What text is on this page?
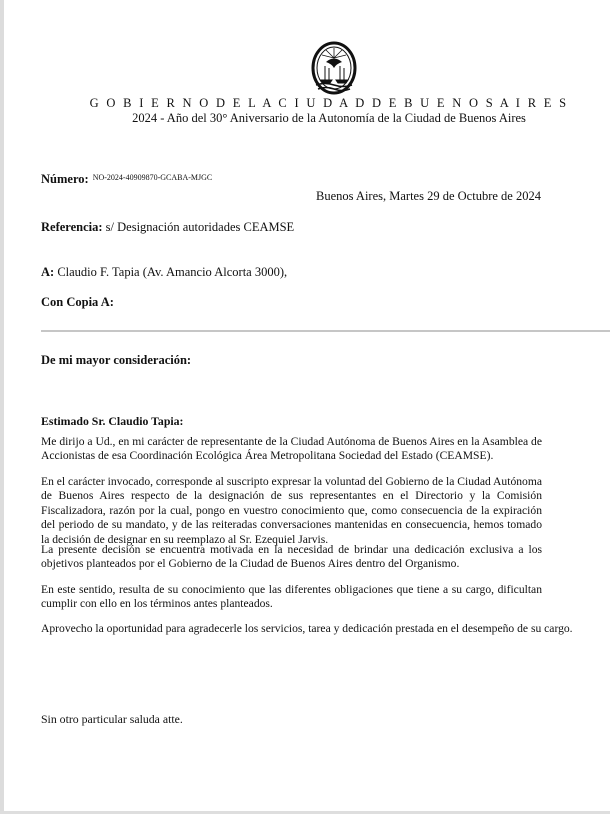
G O B I E R N O D E L A C I U D A D D E B U E N O S A I R E S
2024 - Año del 30° Aniversario de la Autonomía de la Ciudad de Buenos Aires
Número: $^{NO-2024-40909870-GCABA-MJGC}$
Buenos Aires, Martes 29 de Octubre de 2024
Referencia: s/ Designación autoridades CEAMSE
A: Claudio F. Tapia (Av. Amancio Alcorta 3000),
Con Copia A:
De mi mayor consideración:
Estimado Sr. Claudio Tapia:
Me dirijo a Ud., en mi carácter de representante de la Ciudad Autónoma de Buenos Aires en la Asamblea de Accionistas de esa Coordinación Ecológica Área Metropolitana Sociedad del Estado (CEAMSE).
En el carácter invocado, corresponde al suscripto expresar la voluntad del Gobierno de la Ciudad Autónoma de Buenos Aires respecto de la designación de sus representantes en el Directorio y la Comisión Fiscalizadora, razón por la cual, pongo en vuestro conocimiento que, como consecuencia de la expiración del periodo de su mandato, y de las reiteradas conversaciones mantenidas en consecuencia, hemos tomado la decisión de designar en su reemplazo al Sr. Ezequiel Jarvis.
La presente decisión se encuentra motivada en la necesidad de brindar una dedicación exclusiva a los objetivos planteados por el Gobierno de la Ciudad de Buenos Aires dentro del Organismo.
En este sentido, resulta de su conocimiento que las diferentes obligaciones que tiene a su cargo, dificultan cumplir con ello en los términos antes planteados.
Aprovecho la oportunidad para agradecerle los servicios, tarea y dedicación prestada en el desempeño de su cargo.
Sin otro particular saluda atte.
